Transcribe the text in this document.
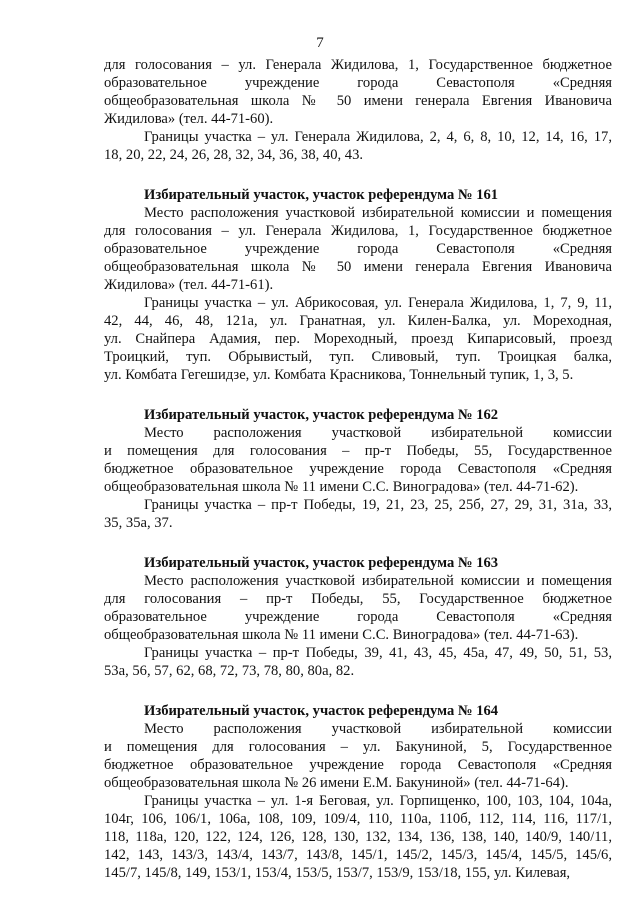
7
для голосования – ул. Генерала Жидилова, 1, Государственное бюджетное
образовательное учреждение города Севастополя «Средняя
общеобразовательная школа № 50 имени генерала Евгения Ивановича
Жидилова» (тел. 44-71-60).
Границы участка – ул. Генерала Жидилова, 2, 4, 6, 8, 10, 12, 14, 16, 17,
18, 20, 22, 24, 26, 28, 32, 34, 36, 38, 40, 43.
Избирательный участок, участок референдума № 161
Место расположения участковой избирательной комиссии и помещения
для голосования – ул. Генерала Жидилова, 1, Государственное бюджетное
образовательное учреждение города Севастополя «Средняя
общеобразовательная школа № 50 имени генерала Евгения Ивановича
Жидилова» (тел. 44-71-61).
Границы участка – ул. Абрикосовая, ул. Генерала Жидилова, 1, 7, 9, 11,
42, 44, 46, 48, 121а, ул. Гранатная, ул. Килен-Балка, ул. Мореходная,
ул. Снайпера Адамия, пер. Мореходный, проезд Кипарисовый, проезд
Троицкий, туп. Обрывистый, туп. Сливовый, туп. Троицкая балка,
ул. Комбата Гегешидзе, ул. Комбата Красникова, Тоннельный тупик, 1, 3, 5.
Избирательный участок, участок референдума № 162
Место расположения участковой избирательной комиссии
и помещения для голосования – пр-т Победы, 55, Государственное
бюджетное образовательное учреждение города Севастополя «Средняя
общеобразовательная школа № 11 имени С.С. Виноградова» (тел. 44-71-62).
Границы участка – пр-т Победы, 19, 21, 23, 25, 25б, 27, 29, 31, 31а, 33,
35, 35а, 37.
Избирательный участок, участок референдума № 163
Место расположения участковой избирательной комиссии и помещения
для голосования – пр-т Победы, 55, Государственное бюджетное
образовательное учреждение города Севастополя «Средняя
общеобразовательная школа № 11 имени С.С. Виноградова» (тел. 44-71-63).
Границы участка – пр-т Победы, 39, 41, 43, 45, 45а, 47, 49, 50, 51, 53,
53а, 56, 57, 62, 68, 72, 73, 78, 80, 80а, 82.
Избирательный участок, участок референдума № 164
Место расположения участковой избирательной комиссии
и помещения для голосования – ул. Бакуниной, 5, Государственное
бюджетное образовательное учреждение города Севастополя «Средняя
общеобразовательная школа № 26 имени Е.М. Бакуниной» (тел. 44-71-64).
Границы участка – ул. 1-я Беговая, ул. Горпищенко, 100, 103, 104, 104а,
104г, 106, 106/1, 106а, 108, 109, 109/4, 110, 110а, 110б, 112, 114, 116, 117/1,
118, 118а, 120, 122, 124, 126, 128, 130, 132, 134, 136, 138, 140, 140/9, 140/11,
142, 143, 143/3, 143/4, 143/7, 143/8, 145/1, 145/2, 145/3, 145/4, 145/5, 145/6,
145/7, 145/8, 149, 153/1, 153/4, 153/5, 153/7, 153/9, 153/18, 155, ул. Килевая,
